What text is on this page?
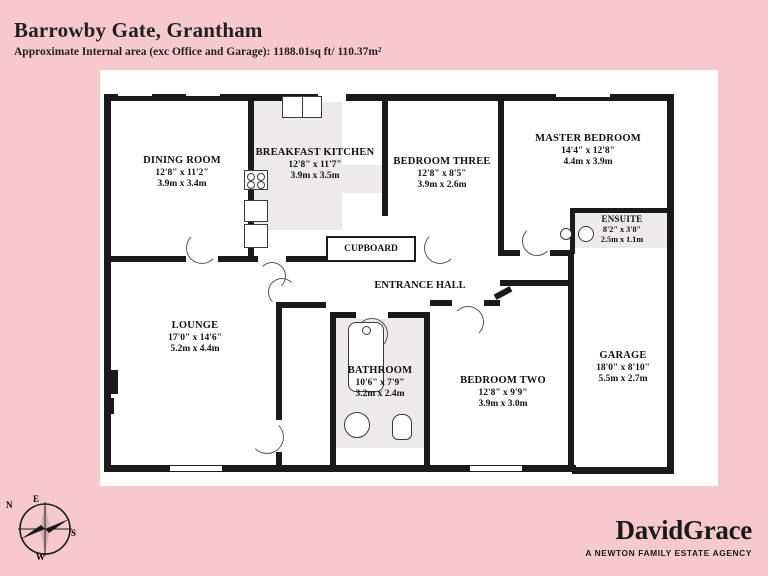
Barrowby Gate, Grantham
Approximate Internal area (exc Office and Garage): 1188.01sq ft/ 110.37m²
DINING ROOM
12'8" x 11'2"
3.9m x 3.4m
BREAKFAST KITCHEN
12'8" x 11'7"
3.9m x 3.5m
BEDROOM THREE
12'8" x 8'5"
3.9m x 2.6m
MASTER BEDROOM
14'4" x 12'8"
4.4m x 3.9m
ENSUITE
8'2" x 3'8"
2.5m x 1.1m
LOUNGE
17'0" x 14'6"
5.2m x 4.4m
BATHROOM
10'6" x 7'9"
3.2m x 2.4m
BEDROOM TWO
12'8" x 9'9"
3.9m x 3.0m
GARAGE
18'0" x 8'10"
5.5m x 2.7m
CUPBOARD
ENTRANCE HALL
N
E
S
W
DavidGrace
A NEWTON FAMILY ESTATE AGENCY
